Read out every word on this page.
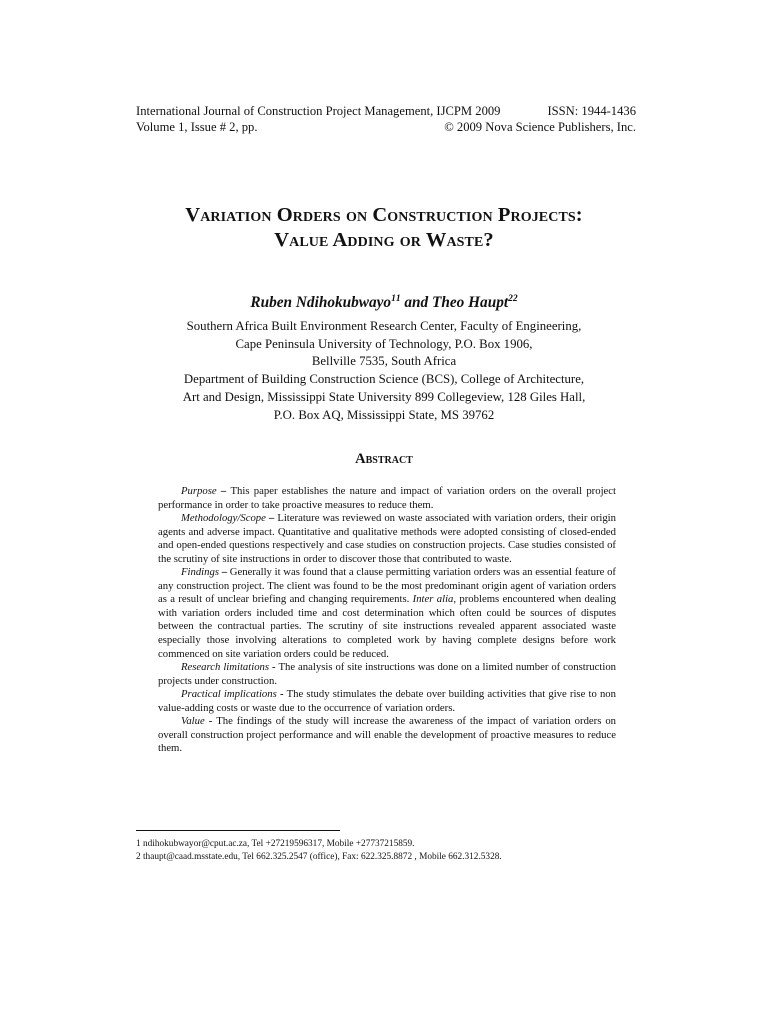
International Journal of Construction Project Management, IJCPM 2009	ISSN: 1944-1436
Volume 1, Issue # 2, pp.	© 2009 Nova Science Publishers, Inc.
Variation Orders on Construction Projects:
Value Adding or Waste?
Ruben Ndihokubwayo$^{11}$ and Theo Haupt$^{22}$
Southern Africa Built Environment Research Center, Faculty of Engineering,
Cape Peninsula University of Technology, P.O. Box 1906,
Bellville 7535, South Africa
Department of Building Construction Science (BCS), College of Architecture,
Art and Design, Mississippi State University 899 Collegeview, 128 Giles Hall,
P.O. Box AQ, Mississippi State, MS 39762
Abstract

Purpose – This paper establishes the nature and impact of variation orders on the overall project performance in order to take proactive measures to reduce them.

Methodology/Scope – Literature was reviewed on waste associated with variation orders, their origin agents and adverse impact. Quantitative and qualitative methods were adopted consisting of closed-ended and open-ended questions respectively and case studies on construction projects. Case studies consisted of the scrutiny of site instructions in order to discover those that contributed to waste.

Findings – Generally it was found that a clause permitting variation orders was an essential feature of any construction project. The client was found to be the most predominant origin agent of variation orders as a result of unclear briefing and changing requirements. Inter alia, problems encountered when dealing with variation orders included time and cost determination which often could be sources of disputes between the contractual parties. The scrutiny of site instructions revealed apparent associated waste especially those involving alterations to completed work by having complete designs before work commenced on site variation orders could be reduced.

Research limitations - The analysis of site instructions was done on a limited number of construction projects under construction.

Practical implications - The study stimulates the debate over building activities that give rise to non value-adding costs or waste due to the occurrence of variation orders.

Value - The findings of the study will increase the awareness of the impact of variation orders on overall construction project performance and will enable the development of proactive measures to reduce them.

1 ndihokubwayor@cput.ac.za, Tel +27219596317, Mobile +27737215859.
2 thaupt@caad.msstate.edu, Tel 662.325.2547 (office), Fax: 622.325.8872 , Mobile 662.312.5328.
